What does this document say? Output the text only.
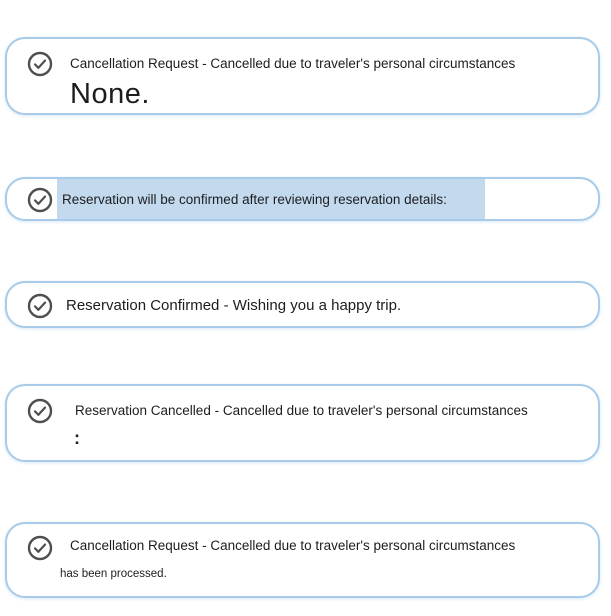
Cancellation Request - Cancelled due to traveler's personal circumstances
None.
Reservation will be confirmed after reviewing reservation details:
Reservation Confirmed - Wishing you a happy trip.
Reservation Cancelled - Cancelled due to traveler's personal circumstances
:
Cancellation Request - Cancelled due to traveler's personal circumstances
has been processed.
